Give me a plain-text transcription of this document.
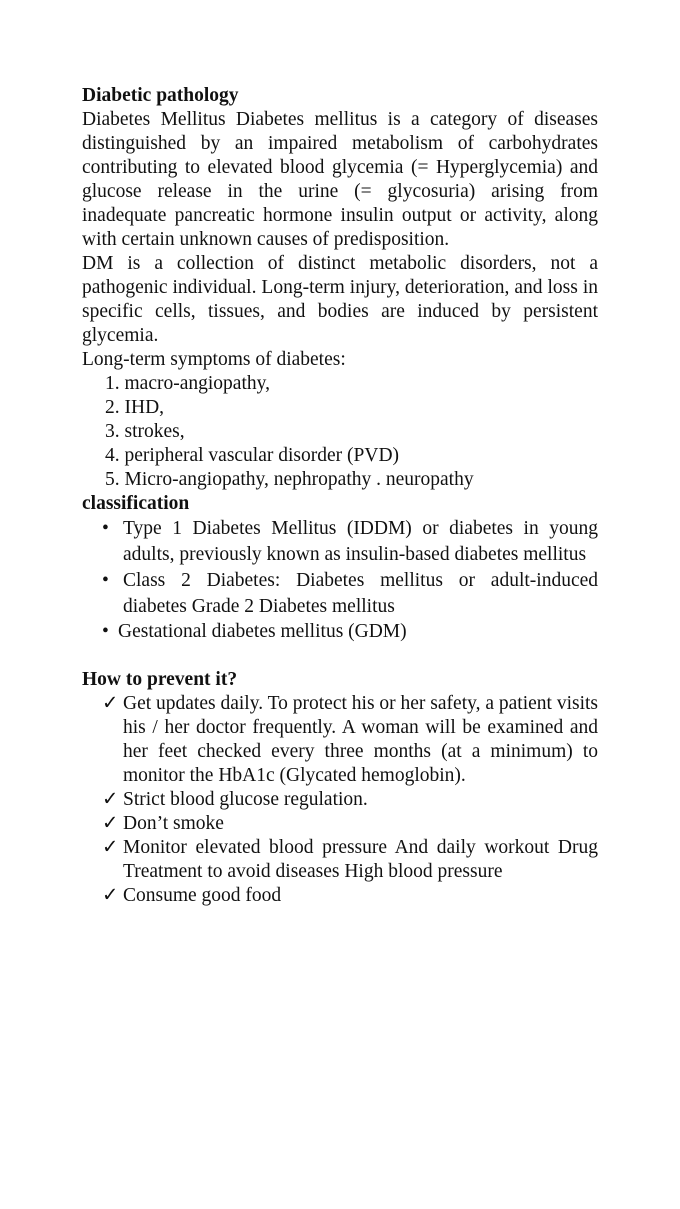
Diabetic pathology

Diabetes Mellitus Diabetes mellitus is a category of diseases distinguished by an impaired metabolism of carbohydrates contributing to elevated blood glycemia (= Hyperglycemia) and glucose release in the urine (= glycosuria) arising from inadequate pancreatic hormone insulin output or activity, along with certain unknown causes of predisposition.

DM is a collection of distinct metabolic disorders, not a pathogenic individual. Long-term injury, deterioration, and loss in specific cells, tissues, and bodies are induced by persistent glycemia.

Long-term symptoms of diabetes:

1. macro-angiopathy,
2. IHD,
3. strokes,
4. peripheral vascular disorder (PVD)
5. Micro-angiopathy, nephropathy . neuropathy

classification

• Type 1 Diabetes Mellitus (IDDM) or diabetes in young adults, previously known as insulin-based diabetes mellitus
• Class 2 Diabetes: Diabetes mellitus or adult-induced diabetes Grade 2 Diabetes mellitus
• Gestational diabetes mellitus (GDM)

How to prevent it?

✓ Get updates daily. To protect his or her safety, a patient visits his / her doctor frequently. A woman will be examined and her feet checked every three months (at a minimum) to monitor the HbA1c (Glycated hemoglobin).
✓ Strict blood glucose regulation.
✓ Don’t smoke
✓ Monitor elevated blood pressure And daily workout Drug Treatment to avoid diseases High blood pressure
✓ Consume good food
